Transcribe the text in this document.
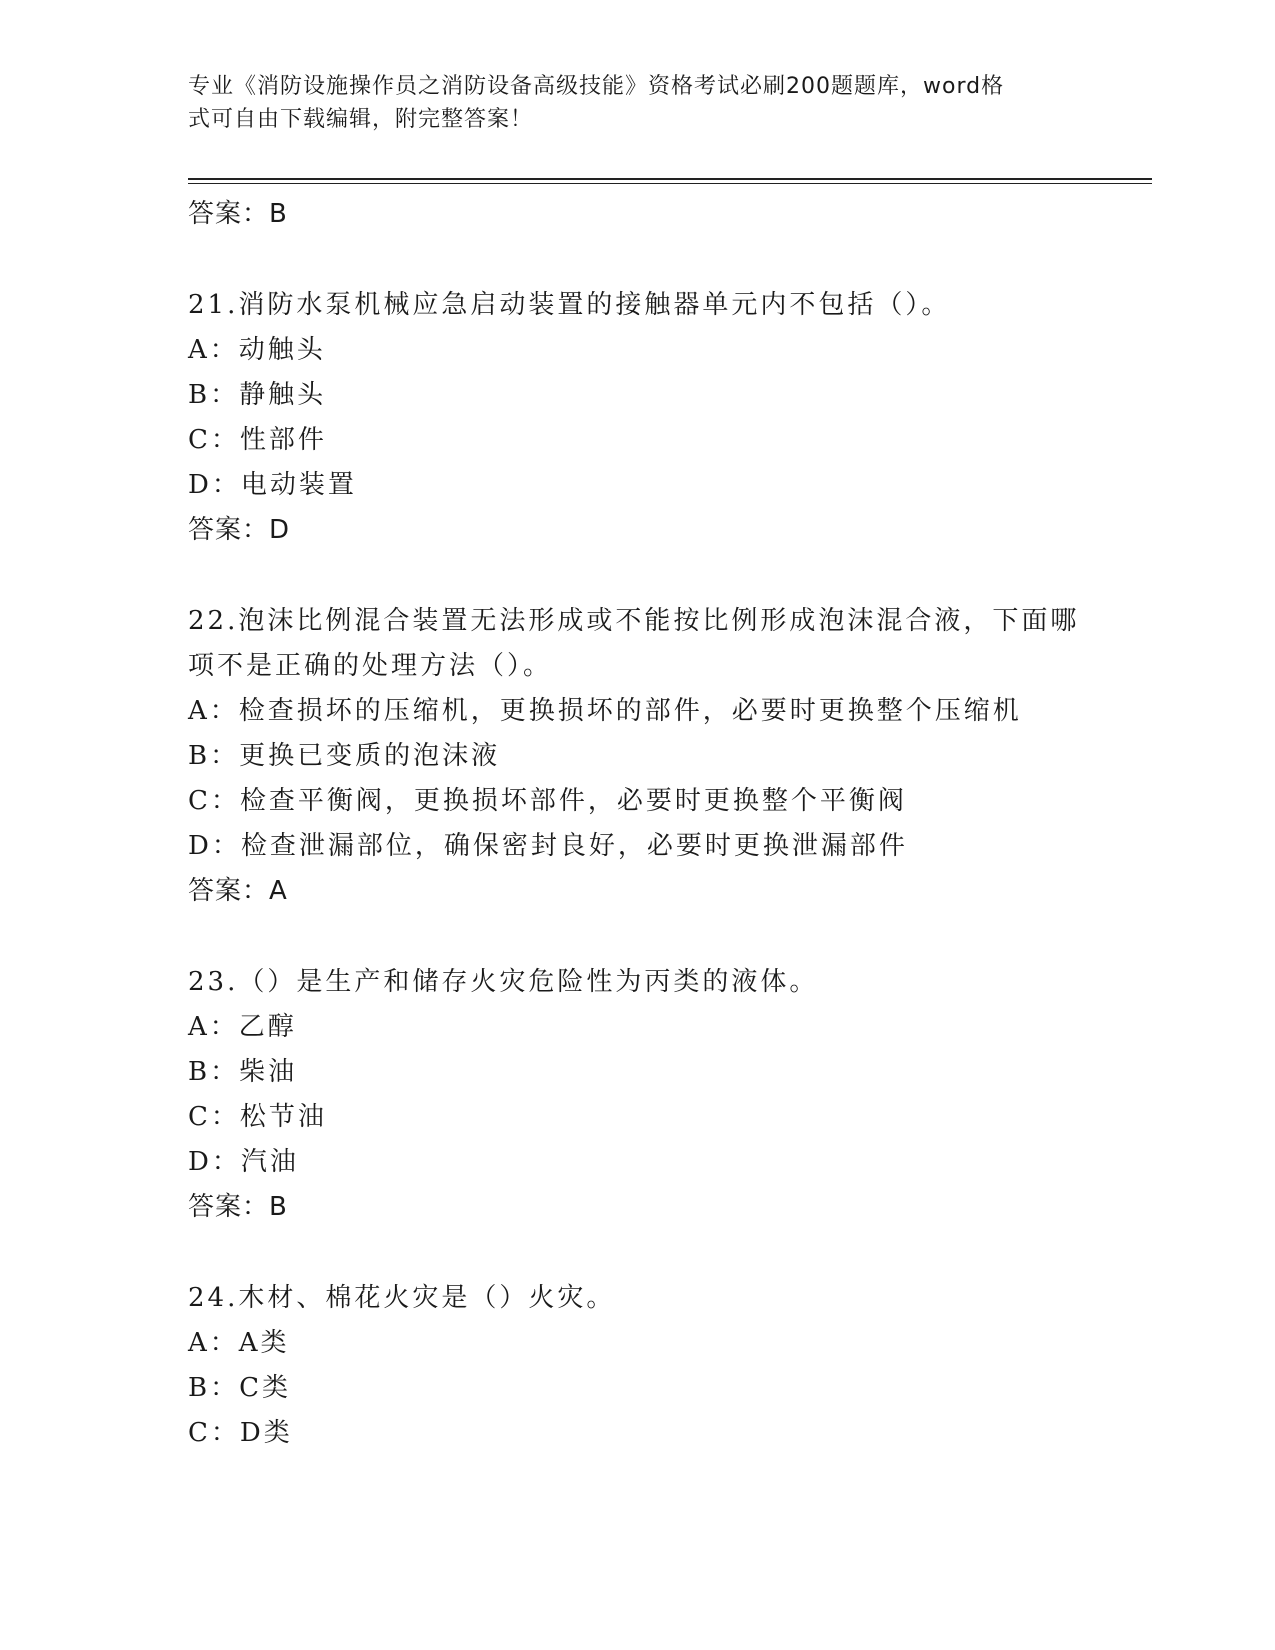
专业《消防设施操作员之消防设备高级技能》资格考试必刷200题题库，word格
式可自由下载编辑，附完整答案！
答案：B
21.消防水泵机械应急启动装置的接触器单元内不包括（）。
A：动触头
B：静触头
C：性部件
D：电动装置
答案：D
22.泡沫比例混合装置无法形成或不能按比例形成泡沫混合液，下面哪
项不是正确的处理方法（）。
A：检查损坏的压缩机，更换损坏的部件，必要时更换整个压缩机
B：更换已变质的泡沫液
C：检查平衡阀，更换损坏部件，必要时更换整个平衡阀
D：检查泄漏部位，确保密封良好，必要时更换泄漏部件
答案：A
23.（）是生产和储存火灾危险性为丙类的液体。
A：乙醇
B：柴油
C：松节油
D：汽油
答案：B
24.木材、棉花火灾是（）火灾。
A：A类
B：C类
C：D类
